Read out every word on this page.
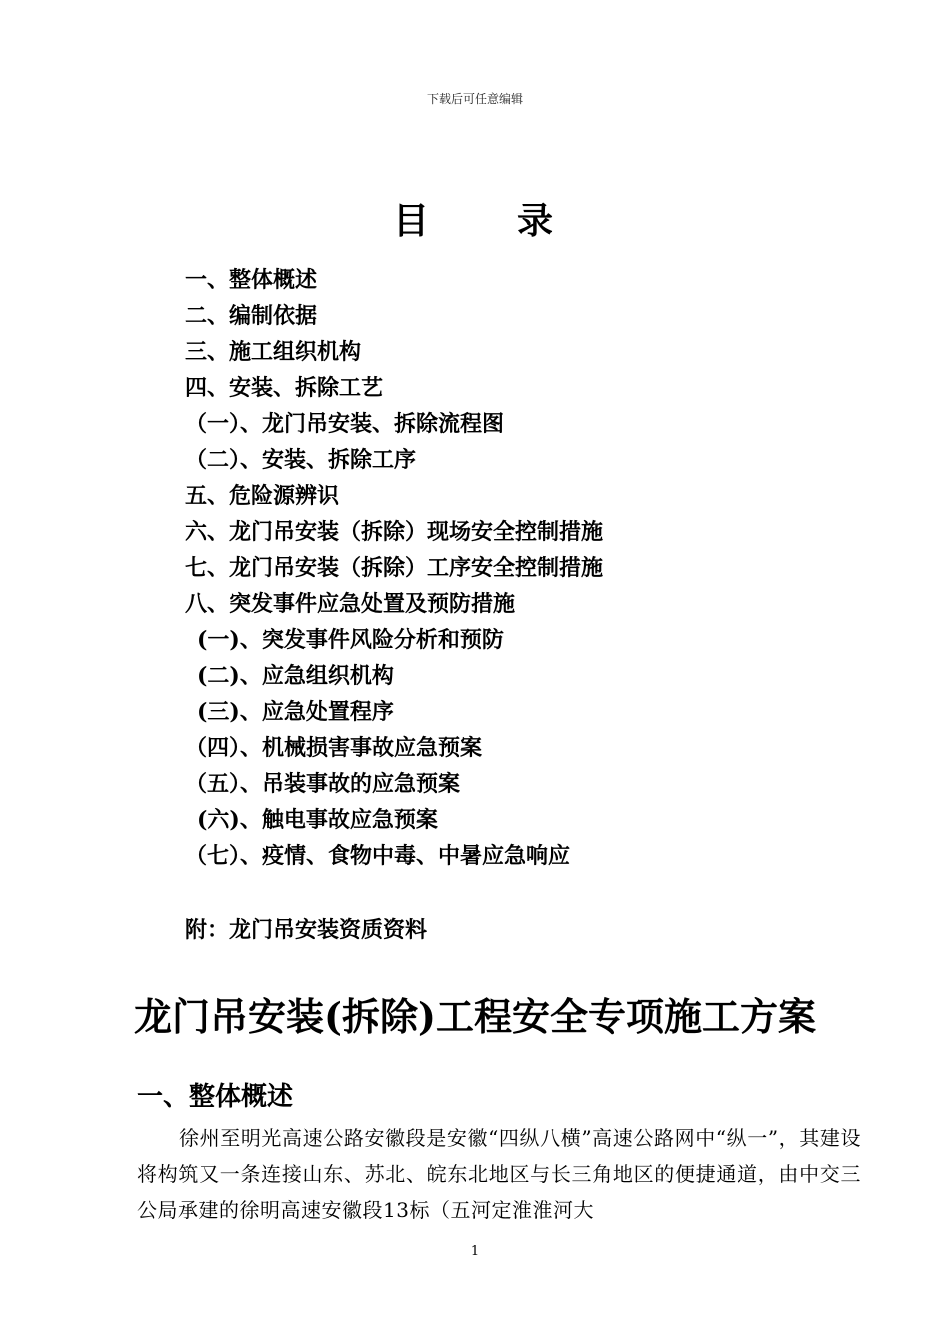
下载后可任意编辑
目 录
一、整体概述
二、编制依据
三、施工组织机构
四、安装、拆除工艺
（一）、龙门吊安装、拆除流程图
（二）、安装、拆除工序
五、危险源辨识
六、龙门吊安装（拆除）现场安全控制措施
七、龙门吊安装（拆除）工序安全控制措施
八、突发事件应急处置及预防措施
(一)、突发事件风险分析和预防
(二)、应急组织机构
(三)、应急处置程序
（四）、机械损害事故应急预案
（五）、吊装事故的应急预案
(六)、触电事故应急预案
（七）、疫情、食物中毒、中暑应急响应
附：龙门吊安装资质资料
龙门吊安装(拆除)工程安全专项施工方案
一、整体概述
徐州至明光高速公路安徽段是安徽“四纵八横”高速公路网中“纵一”，其建设将构筑又一条连接山东、苏北、皖东北地区与长三角地区的便捷通道，由中交三公局承建的徐明高速安徽段13标（五河定淮淮河大
1
